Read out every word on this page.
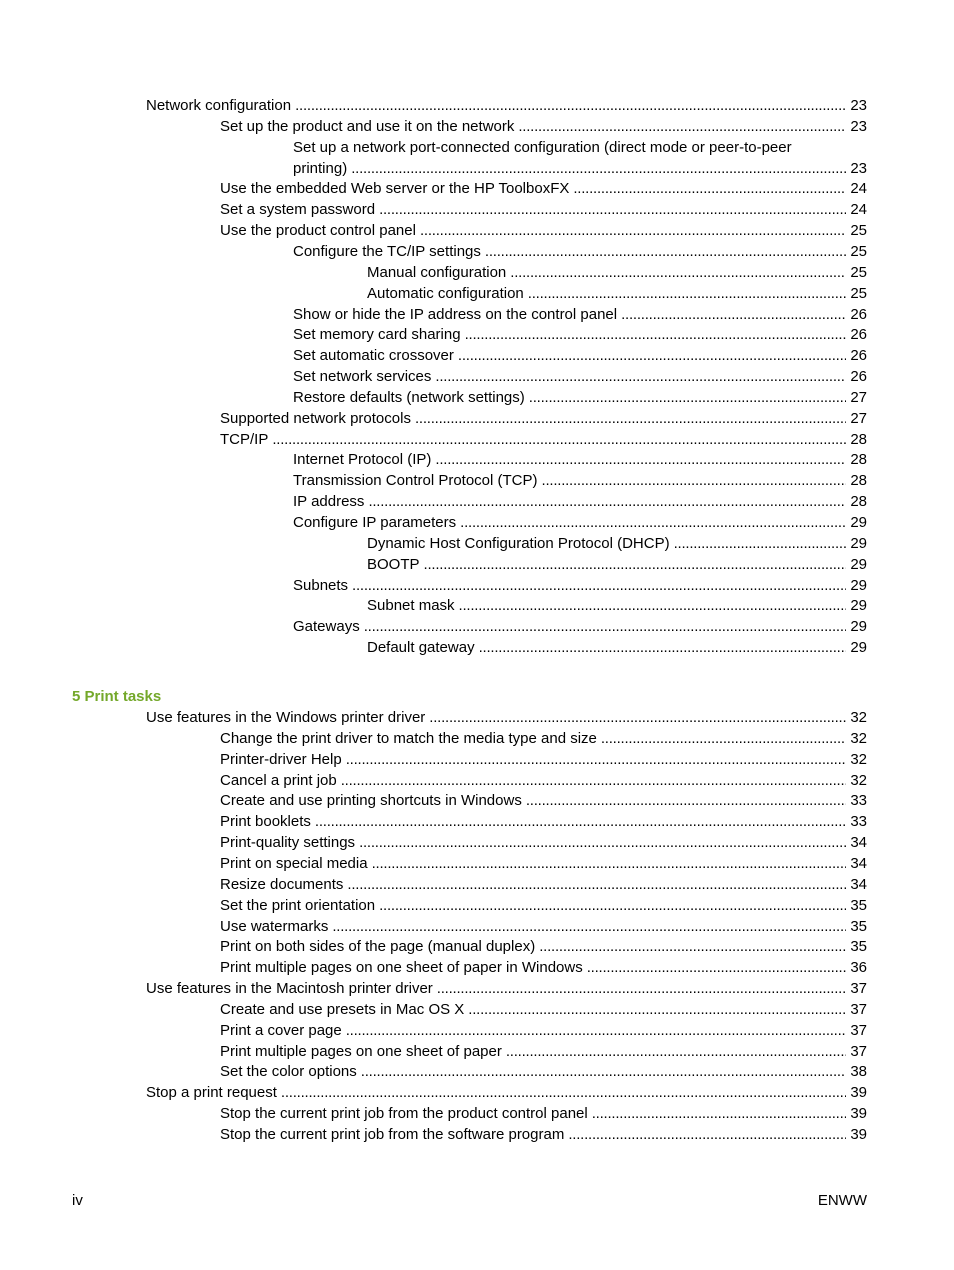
Network configuration . . .	23
Set up the product and use it on the network . . .	23
Set up a network port-connected configuration (direct mode or peer-to-peer
printing) . . .	23
Use the embedded Web server or the HP ToolboxFX . . .	24
Set a system password . . .	24
Use the product control panel . . .	25
Configure the TC/IP settings . . .	25
Manual configuration . . .	25
Automatic configuration . . .	25
Show or hide the IP address on the control panel . . .	26
Set memory card sharing . . .	26
Set automatic crossover . . .	26
Set network services . . .	26
Restore defaults (network settings) . . .	27
Supported network protocols . . .	27
TCP/IP . . .	28
Internet Protocol (IP) . . .	28
Transmission Control Protocol (TCP) . . .	28
IP address . . .	28
Configure IP parameters . . .	29
Dynamic Host Configuration Protocol (DHCP) . . .	29
BOOTP . . .	29
Subnets . . .	29
Subnet mask . . .	29
Gateways . . .	29
Default gateway . . .	29
Use features in the Windows printer driver . . .	32
Change the print driver to match the media type and size . . .	32
Printer-driver Help . . .	32
Cancel a print job . . .	32
Create and use printing shortcuts in Windows . . .	33
Print booklets . . .	33
Print-quality settings . . .	34
Print on special media . . .	34
Resize documents . . .	34
Set the print orientation . . .	35
Use watermarks . . .	35
Print on both sides of the page (manual duplex) . . .	35
Print multiple pages on one sheet of paper in Windows . . .	36
Use features in the Macintosh printer driver . . .	37
Create and use presets in Mac OS X . . .	37
Print a cover page . . .	37
Print multiple pages on one sheet of paper . . .	37
Set the color options . . .	38
Stop a print request . . .	39
Stop the current print job from the product control panel . . .	39
Stop the current print job from the software program . . .	39
5 Print tasks
iv	ENWW
